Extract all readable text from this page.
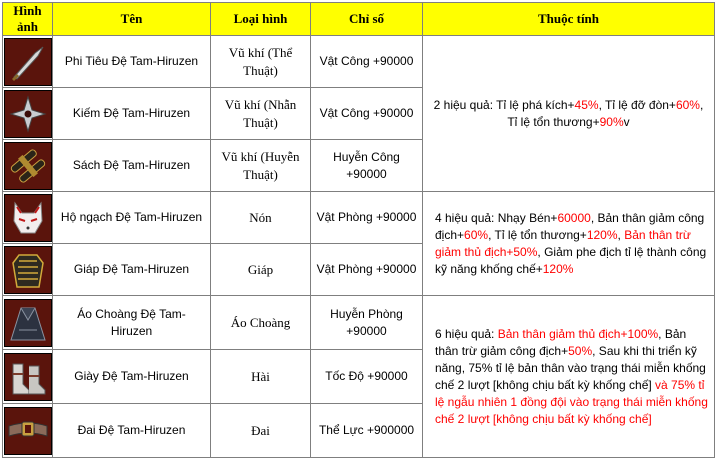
Hình ảnh	Tên	Loại hình	Chỉ số	Thuộc tính

	Phi Tiêu Đệ Tam-Hiruzen	Vũ khí (Thể Thuật)	Vật Công +90000	2 hiệu quả: Tỉ lệ phá kích+45%, Tỉ lệ đỡ đòn+60%, Tỉ lệ tổn thương+90%v

	Kiếm Đệ Tam-Hiruzen	Vũ khí (Nhẫn Thuật)	Vật Công +90000	

	Sách Đệ Tam-Hiruzen	Vũ khí (Huyễn Thuật)	Huyễn Công +90000	

	Hộ ngạch Đệ Tam-Hiruzen	Nón	Vật Phòng +90000	4 hiệu quả: Nhạy Bén+60000, Bản thân giảm công địch+60%, Tỉ lệ tổn thương+120%, Bản thân trừ giảm thủ địch+50%, Giảm phe địch tỉ lệ thành công kỹ năng khống chế+120%

	Giáp Đệ Tam-Hiruzen	Giáp	Vật Phòng +90000	

	Áo Choàng Đệ Tam-Hiruzen	Áo Choàng	Huyễn Phòng +90000	6 hiệu quả: Bản thân giảm thủ địch+100%, Bản thân trừ giảm công địch+50%, Sau khi thi triển kỹ năng, 75% tỉ lệ bản thân vào trạng thái miễn khống chế 2 lượt [không chịu bất kỳ khống chế] và 75% tỉ lệ ngẫu nhiên 1 đồng đội vào trạng thái miễn khống chế 2 lượt [không chịu bất kỳ khống chế]

	Giày Đệ Tam-Hiruzen	Hài	Tốc Độ +90000	

	Đai Đệ Tam-Hiruzen	Đai	Thể Lực +900000	
